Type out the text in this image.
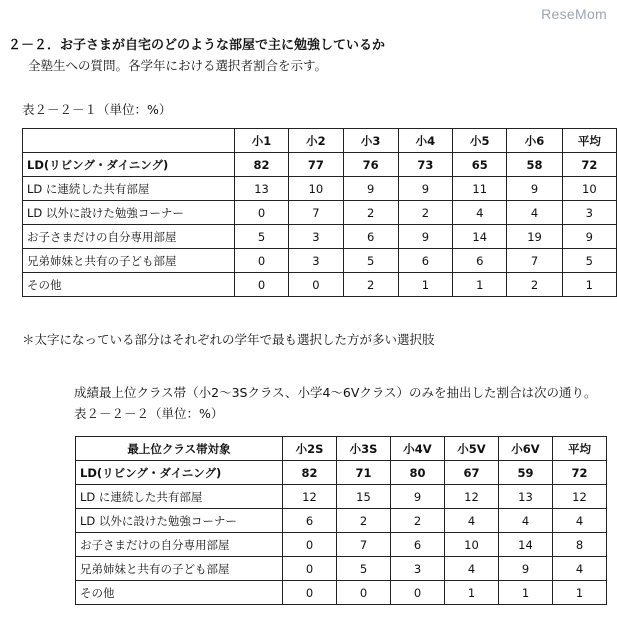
ReseMom
２－２．お子さまが自宅のどのような部屋で主に勉強しているか
全塾生への質問。各学年における選択者割合を示す。
表２－２－１（単位：%）
	小1	小2	小3	小4	小5	小6	平均
LD(リビング・ダイニング)	82	77	76	73	65	58	72
LD に連続した共有部屋	13	10	9	9	11	9	10
LD 以外に設けた勉強コーナー	0	7	2	2	4	4	3
お子さまだけの自分専用部屋	5	3	6	9	14	19	9
兄弟姉妹と共有の子ども部屋	0	3	5	6	6	7	5
その他	0	0	2	1	1	2	1
＊太字になっている部分はそれぞれの学年で最も選択した方が多い選択肢
成績最上位クラス帯（小2～3Sクラス、小学4～6Vクラス）のみを抽出した割合は次の通り。
表２－２－２（単位：%）
最上位クラス帯対象	小2S	小3S	小4V	小5V	小6V	平均
LD(リビング・ダイニング)	82	71	80	67	59	72
LD に連続した共有部屋	12	15	9	12	13	12
LD 以外に設けた勉強コーナー	6	2	2	4	4	4
お子さまだけの自分専用部屋	0	7	6	10	14	8
兄弟姉妹と共有の子ども部屋	0	5	3	4	9	4
その他	0	0	0	1	1	1
